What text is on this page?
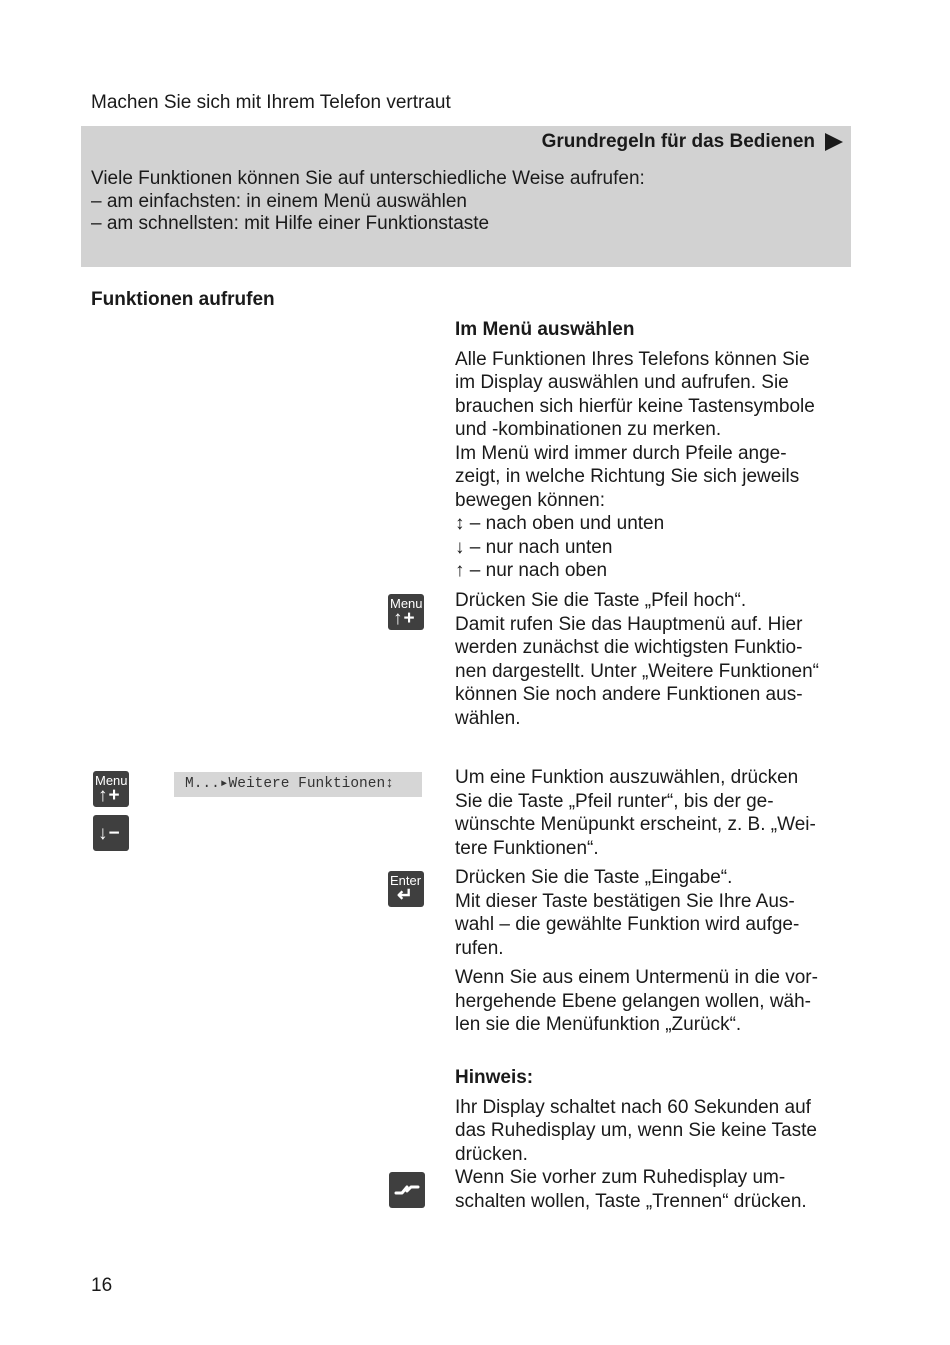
Machen Sie sich mit Ihrem Telefon vertraut
Grundregeln für das Bedienen
Viele Funktionen können Sie auf unterschiedliche Weise aufrufen:
– am einfachsten: in einem Menü auswählen
– am schnellsten: mit Hilfe einer Funktionstaste
Funktionen aufrufen

Im Menü auswählen

Alle Funktionen Ihres Telefons können Sie

im Display auswählen und aufrufen. Sie

brauchen sich hierfür keine Tastensymbole

und -kombinationen zu merken.

Im Menü wird immer durch Pfeile ange-

zeigt, in welche Richtung Sie sich jeweils

bewegen können:

↕ – nach oben und unten

↓ – nur nach unten

↑ – nur nach oben

Menu
↑+

Drücken Sie die Taste „Pfeil hoch“.

Damit rufen Sie das Hauptmenü auf. Hier

werden zunächst die wichtigsten Funktio-

nen dargestellt. Unter „Weitere Funktionen“

können Sie noch andere Funktionen aus-

wählen.

Menu
↑+
↓−
M...▸Weitere Funktionen↕	Um eine Funktion auszuwählen, drücken

Sie die Taste „Pfeil runter“, bis der ge-

wünschte Menüpunkt erscheint, z. B. „Wei-

tere Funktionen“.

Enter
↵

Drücken Sie die Taste „Eingabe“.

Mit dieser Taste bestätigen Sie Ihre Aus-

wahl – die gewählte Funktion wird aufge-

rufen.

Wenn Sie aus einem Untermenü in die vor-

hergehende Ebene gelangen wollen, wäh-

len sie die Menüfunktion „Zurück“.

Hinweis:

Ihr Display schaltet nach 60 Sekunden auf

das Ruhedisplay um, wenn Sie keine Taste

drücken.

Wenn Sie vorher zum Ruhedisplay um-

schalten wollen, Taste „Trennen“ drücken.

16
